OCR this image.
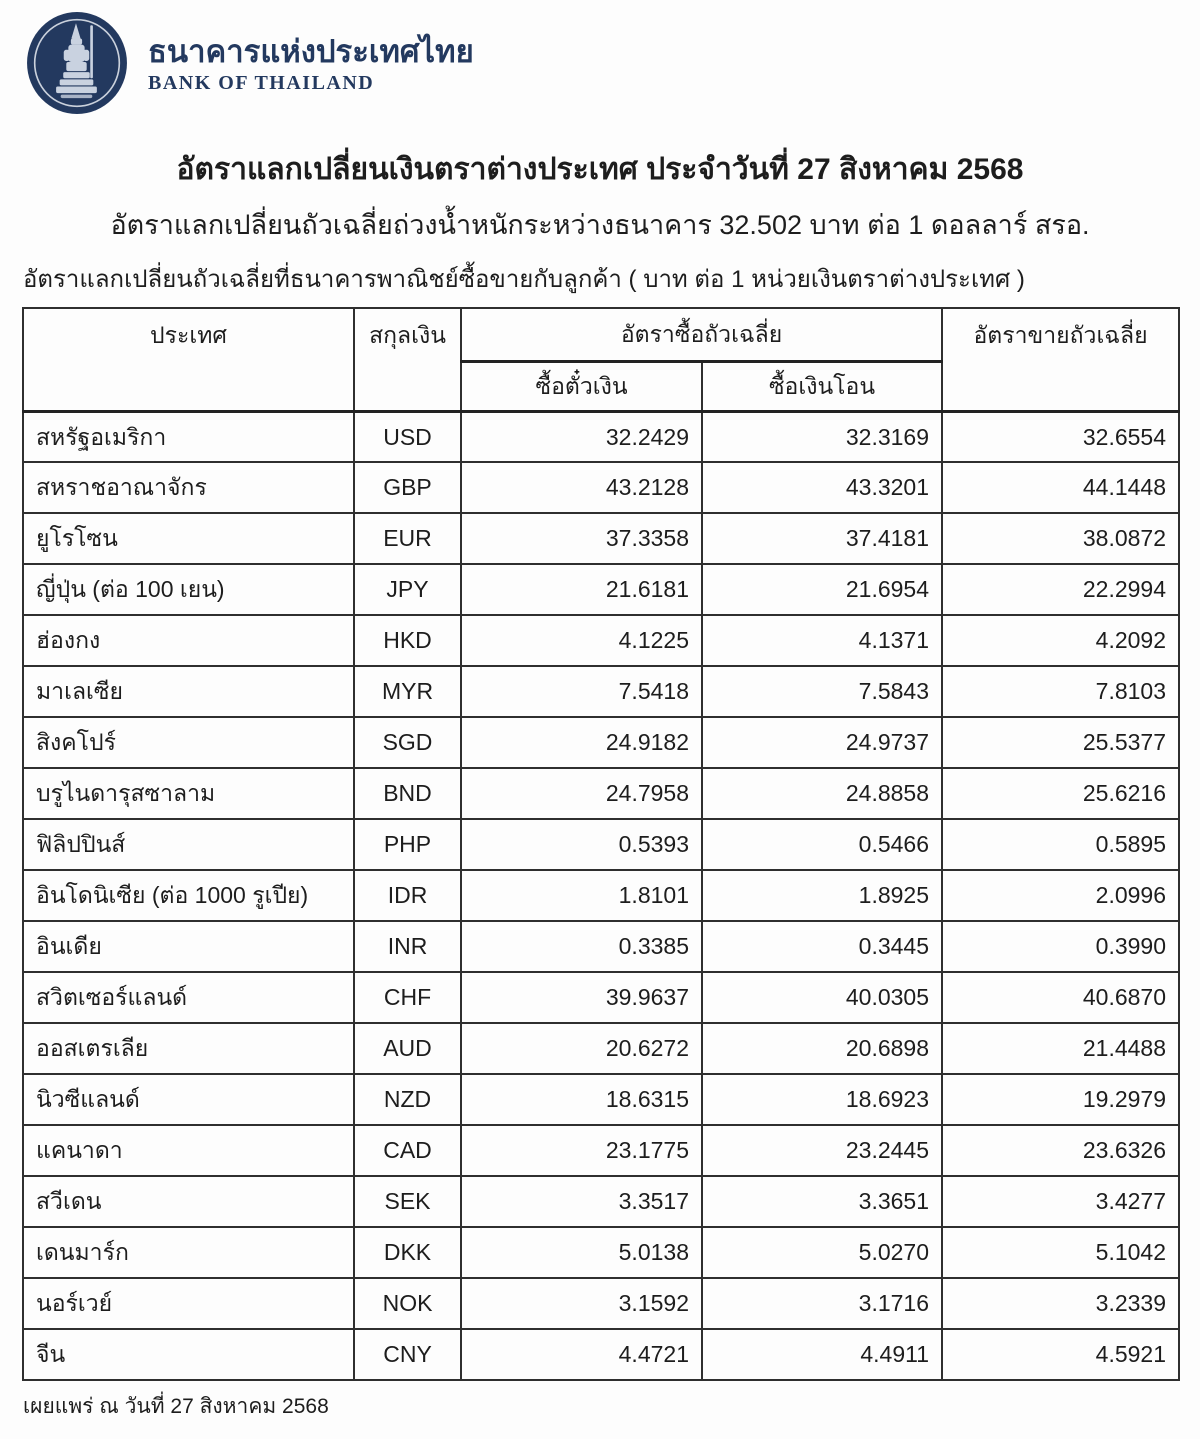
ธนาคารแห่งประเทศไทย
BANK OF THAILAND
อัตราแลกเปลี่ยนเงินตราต่างประเทศ ประจำวันที่ 27 สิงหาคม 2568
อัตราแลกเปลี่ยนถัวเฉลี่ยถ่วงน้ำหนักระหว่างธนาคาร 32.502 บาท ต่อ 1 ดอลลาร์ สรอ.
อัตราแลกเปลี่ยนถัวเฉลี่ยที่ธนาคารพาณิชย์ซื้อขายกับลูกค้า ( บาท ต่อ 1 หน่วยเงินตราต่างประเทศ )
ประเทศ	สกุลเงิน	อัตราซื้อถัวเฉลี่ย		อัตราขายถัวเฉลี่ย
		ซื้อตั๋วเงิน	ซื้อเงินโอน	
สหรัฐอเมริกา	USD	32.2429	32.3169	32.6554
สหราชอาณาจักร	GBP	43.2128	43.3201	44.1448
ยูโรโซน	EUR	37.3358	37.4181	38.0872
ญี่ปุ่น (ต่อ 100 เยน)	JPY	21.6181	21.6954	22.2994
ฮ่องกง	HKD	4.1225	4.1371	4.2092
มาเลเซีย	MYR	7.5418	7.5843	7.8103
สิงคโปร์	SGD	24.9182	24.9737	25.5377
บรูไนดารุสซาลาม	BND	24.7958	24.8858	25.6216
ฟิลิปปินส์	PHP	0.5393	0.5466	0.5895
อินโดนิเซีย (ต่อ 1000 รูเปีย)	IDR	1.8101	1.8925	2.0996
อินเดีย	INR	0.3385	0.3445	0.3990
สวิตเซอร์แลนด์	CHF	39.9637	40.0305	40.6870
ออสเตรเลีย	AUD	20.6272	20.6898	21.4488
นิวซีแลนด์	NZD	18.6315	18.6923	19.2979
แคนาดา	CAD	23.1775	23.2445	23.6326
สวีเดน	SEK	3.3517	3.3651	3.4277
เดนมาร์ก	DKK	5.0138	5.0270	5.1042
นอร์เวย์	NOK	3.1592	3.1716	3.2339
จีน	CNY	4.4721	4.4911	4.5921
เผยแพร่ ณ วันที่ 27 สิงหาคม 2568
